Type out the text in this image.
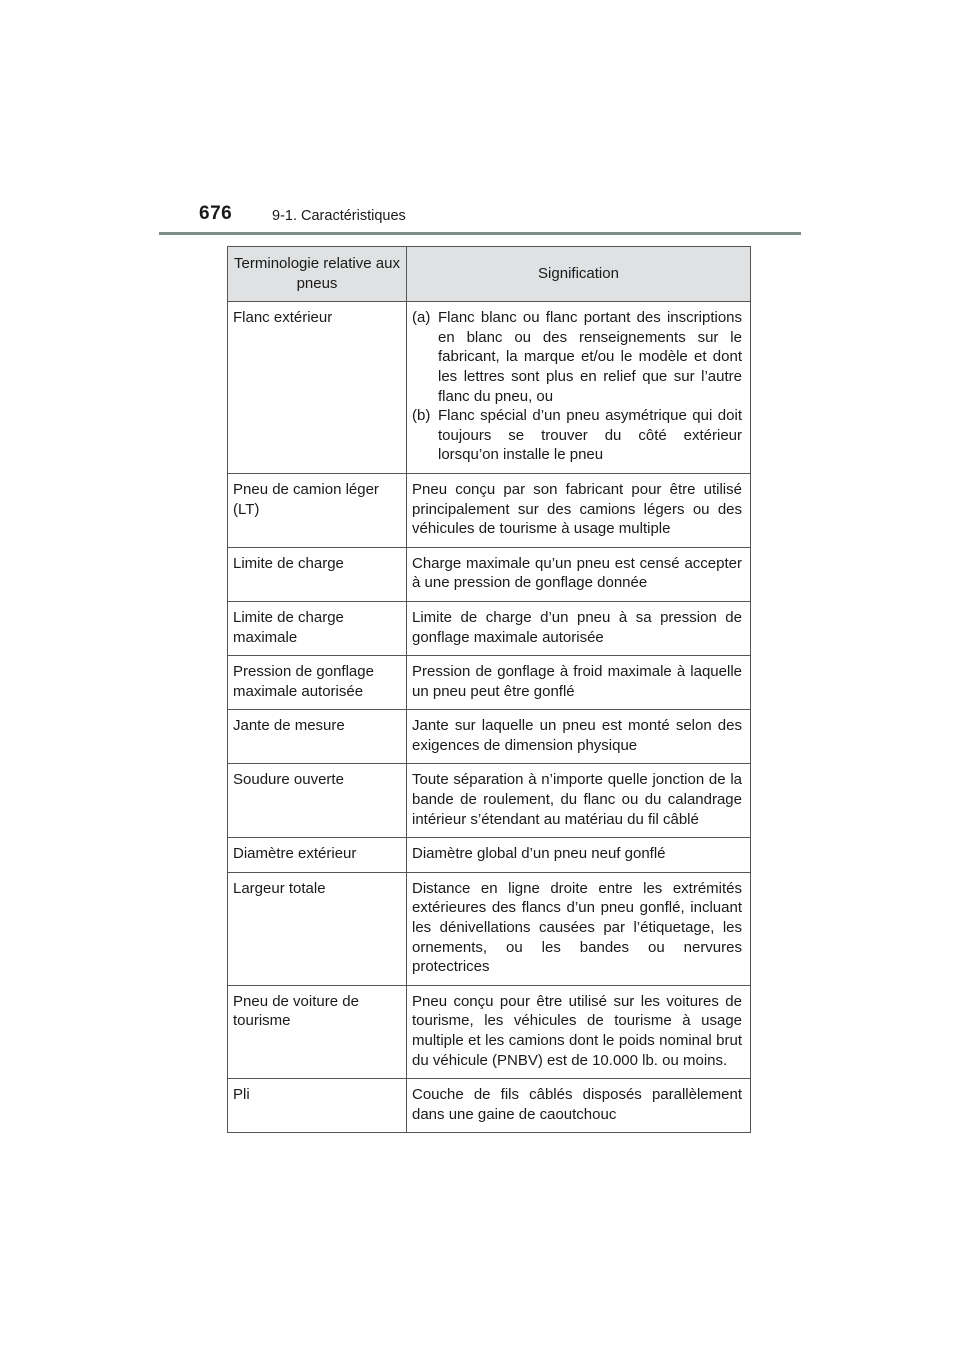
676	9-1. Caractéristiques
Terminologie relative aux pneus	Signification
Flanc extérieur	(a) Flanc blanc ou flanc portant des inscriptions en blanc ou des renseignements sur le fabricant, la marque et/ou le modèle et dont les lettres sont plus en relief que sur l’autre flanc du pneu, ou
(b) Flanc spécial d’un pneu asymétrique qui doit toujours se trouver du côté extérieur lorsqu’on installe le pneu

Pneu de camion léger (LT)	Pneu conçu par son fabricant pour être utilisé principalement sur des camions légers ou des véhicules de tourisme à usage multiple
Limite de charge	Charge maximale qu’un pneu est censé accepter à une pression de gonflage donnée
Limite de charge maximale	Limite de charge d’un pneu à sa pression de gonflage maximale autorisée
Pression de gonflage maximale autorisée	Pression de gonflage à froid maximale à laquelle un pneu peut être gonflé
Jante de mesure	Jante sur laquelle un pneu est monté selon des exigences de dimension physique
Soudure ouverte	Toute séparation à n’importe quelle jonction de la bande de roulement, du flanc ou du calandrage intérieur s’étendant au matériau du fil câblé
Diamètre extérieur	Diamètre global d’un pneu neuf gonflé
Largeur totale	Distance en ligne droite entre les extrémités extérieures des flancs d’un pneu gonflé, incluant les dénivellations causées par l’étiquetage, les ornements, ou les bandes ou nervures protectrices
Pneu de voiture de tourisme	Pneu conçu pour être utilisé sur les voitures de tourisme, les véhicules de tourisme à usage multiple et les camions dont le poids nominal brut du véhicule (PNBV) est de 10.000 lb. ou moins.
Pli	Couche de fils câblés disposés parallèlement dans une gaine de caoutchouc
